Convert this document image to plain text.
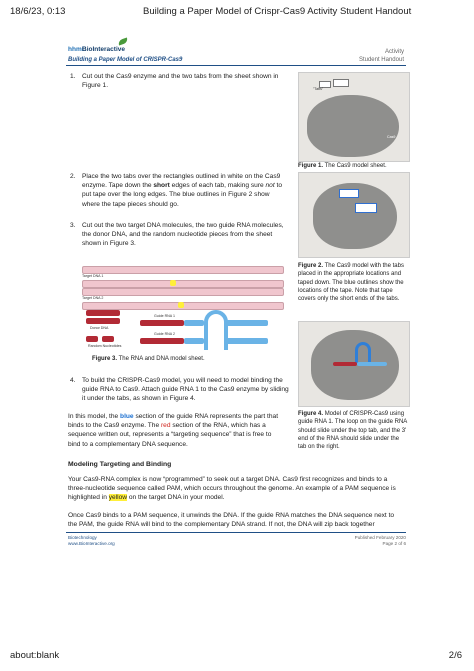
18/6/23, 0:13	Building a Paper Model of Crispr-Cas9 Activity Student Handout
hhmi
BioInteractive
Building a Paper Model of CRISPR-Cas9
Activity
Student Handout
1. Cut out the Cas9 enzyme and the two tabs from the sheet shown in
Figure 1.	"Tabs"
Cas9
Figure 1. The Cas9 model sheet.
2. Place the two tabs over the rectangles outlined in white on the Cas9
enzyme. Tape down the short edges of each tab, making sure not to
put tape over the long edges. The blue outlines in Figure 2 show
where the tape pieces should go.
Figure 2. The Cas9 model with the tabs
placed in the appropriate locations and
taped down. The blue outlines show the
locations of the tape. Note that tape
covers only the short ends of the tabs.
3. Cut out the two target DNA molecules, the two guide RNA molecules,
the donor DNA, and the random nucleotide pieces from the sheet
shown in Figure 3.
Target DNA 1
Target DNA 2
Donor DNA
Guide RNA 1
Guide RNA 2
Random Nucleotides
Figure 3. The RNA and DNA model sheet.
Figure 4. Model of CRISPR-Cas9 using
guide RNA 1. The loop on the guide RNA
should slide under the top tab, and the 3'
end of the RNA should slide under the
tab on the right.
4. To build the CRISPR-Cas9 model, you will need to model binding the
guide RNA to Cas9. Attach guide RNA 1 to the Cas9 enzyme by sliding
it under the tabs, as shown in Figure 4.
In this model, the blue section of the guide RNA represents the part that
binds to the Cas9 enzyme. The red section of the RNA, which has a
sequence written out, represents a “targeting sequence” that is free to
bind to a complementary DNA sequence.
Modeling Targeting and Binding
Your Cas9-RNA complex is now “programmed” to seek out a target DNA. Cas9 first recognizes and binds to a
three-nucleotide sequence called PAM, which occurs throughout the genome. An example of a PAM sequence is
highlighted in yellow on the target DNA in your model.
Once Cas9 binds to a PAM sequence, it unwinds the DNA. If the guide RNA matches the DNA sequence next to
the PAM, the guide RNA will bind to the complementary DNA strand. If not, the DNA will zip back together
Biotechnology
www.BioInteractive.org
Published February 2020
Page 2 of 6
about:blank	2/6
